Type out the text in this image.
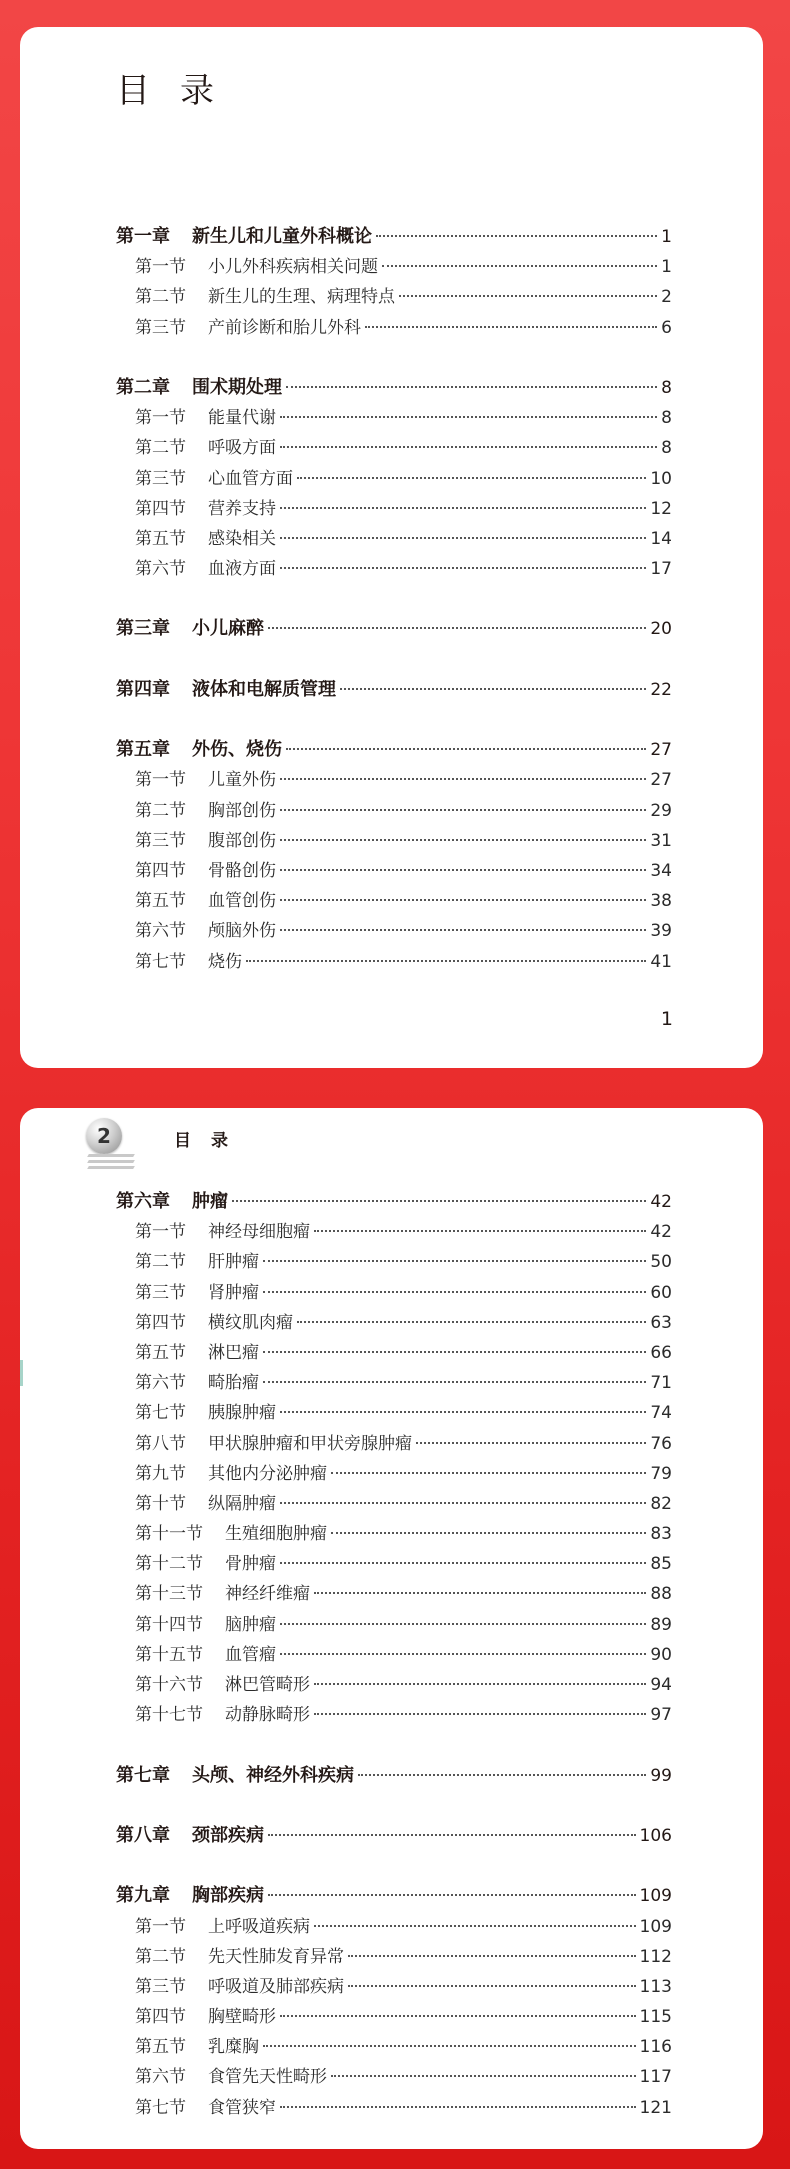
目录
第一章 新生儿和儿童外科概论	1
第一节 小儿外科疾病相关问题	1
第二节 新生儿的生理、病理特点	2
第三节 产前诊断和胎儿外科	6
第二章 围术期处理	8
第一节 能量代谢	8
第二节 呼吸方面	8
第三节 心血管方面	10
第四节 营养支持	12
第五节 感染相关	14
第六节 血液方面	17
第三章 小儿麻醉	20
第四章 液体和电解质管理	22
第五章 外伤、烧伤	27
第一节 儿童外伤	27
第二节 胸部创伤	29
第三节 腹部创伤	31
第四节 骨骼创伤	34
第五节 血管创伤	38
第六节 颅脑外伤	39
第七节 烧伤	41
1
2	目录
第六章 肿瘤	42
第一节 神经母细胞瘤	42
第二节 肝肿瘤	50
第三节 肾肿瘤	60
第四节 横纹肌肉瘤	63
第五节 淋巴瘤	66
第六节 畸胎瘤	71
第七节 胰腺肿瘤	74
第八节 甲状腺肿瘤和甲状旁腺肿瘤	76
第九节 其他内分泌肿瘤	79
第十节 纵隔肿瘤	82
第十一节 生殖细胞肿瘤	83
第十二节 骨肿瘤	85
第十三节 神经纤维瘤	88
第十四节 脑肿瘤	89
第十五节 血管瘤	90
第十六节 淋巴管畸形	94
第十七节 动静脉畸形	97
第七章 头颅、神经外科疾病	99
第八章 颈部疾病	106
第九章 胸部疾病	109
第一节 上呼吸道疾病	109
第二节 先天性肺发育异常	112
第三节 呼吸道及肺部疾病	113
第四节 胸壁畸形	115
第五节 乳糜胸	116
第六节 食管先天性畸形	117
第七节 食管狭窄	121
